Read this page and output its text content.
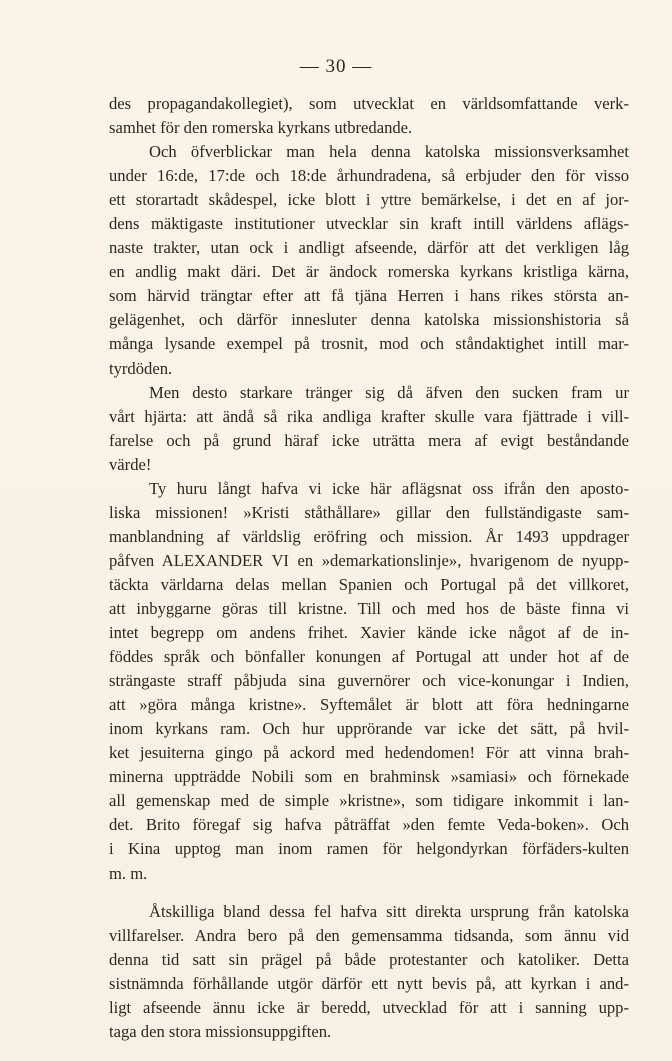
— 30 —
des propagandakollegiet), som utvecklat en världsomfattande verk-
samhet för den romerska kyrkans utbredande.
Och öfverblickar man hela denna katolska missionsverksamhet
under 16:de, 17:de och 18:de århundradena, så erbjuder den för visso
ett storartadt skådespel, icke blott i yttre bemärkelse, i det en af jor-
dens mäktigaste institutioner utvecklar sin kraft intill världens aflägs-
naste trakter, utan ock i andligt afseende, därför att det verkligen låg
en andlig makt däri. Det är ändock romerska kyrkans kristliga kärna,
som härvid trängtar efter att få tjäna Herren i hans rikes största an-
gelägenhet, och därför innesluter denna katolska missionshistoria så
många lysande exempel på trosnit, mod och ståndaktighet intill mar-
tyrdöden.
Men desto starkare tränger sig då äfven den sucken fram ur
vårt hjärta: att ändå så rika andliga krafter skulle vara fjättrade i vill-
farelse och på grund häraf icke uträtta mera af evigt beståndande
värde!
Ty huru långt hafva vi icke här aflägsnat oss ifrån den aposto-
liska missionen! »Kristi ståthållare» gillar den fullständigaste sam-
manblandning af världslig eröfring och mission. År 1493 uppdrager
påfven ALEXANDER VI en »demarkationslinje», hvarigenom de nyupp-
täckta världarna delas mellan Spanien och Portugal på det villkoret,
att inbyggarne göras till kristne. Till och med hos de bäste finna vi
intet begrepp om andens frihet. Xavier kände icke något af de in-
föddes språk och bönfaller konungen af Portugal att under hot af de
strängaste straff påbjuda sina guvernörer och vice-konungar i Indien,
att »göra många kristne». Syftemålet är blott att föra hedningarne
inom kyrkans ram. Och hur upprörande var icke det sätt, på hvil-
ket jesuiterna gingo på ackord med hedendomen! För att vinna brah-
minerna uppträdde Nobili som en brahminsk »samiasi» och förnekade
all gemenskap med de simple »kristne», som tidigare inkommit i lan-
det. Brito föregaf sig hafva påträffat »den femte Veda-boken». Och
i Kina upptog man inom ramen för helgondyrkan förfäders-kulten
m. m.
Åtskilliga bland dessa fel hafva sitt direkta ursprung från katolska
villfarelser. Andra bero på den gemensamma tidsanda, som ännu vid
denna tid satt sin prägel på både protestanter och katoliker. Detta
sistnämnda förhållande utgör därför ett nytt bevis på, att kyrkan i and-
ligt afseende ännu icke är beredd, utvecklad för att i sanning upp-
taga den stora missionsuppgiften.
